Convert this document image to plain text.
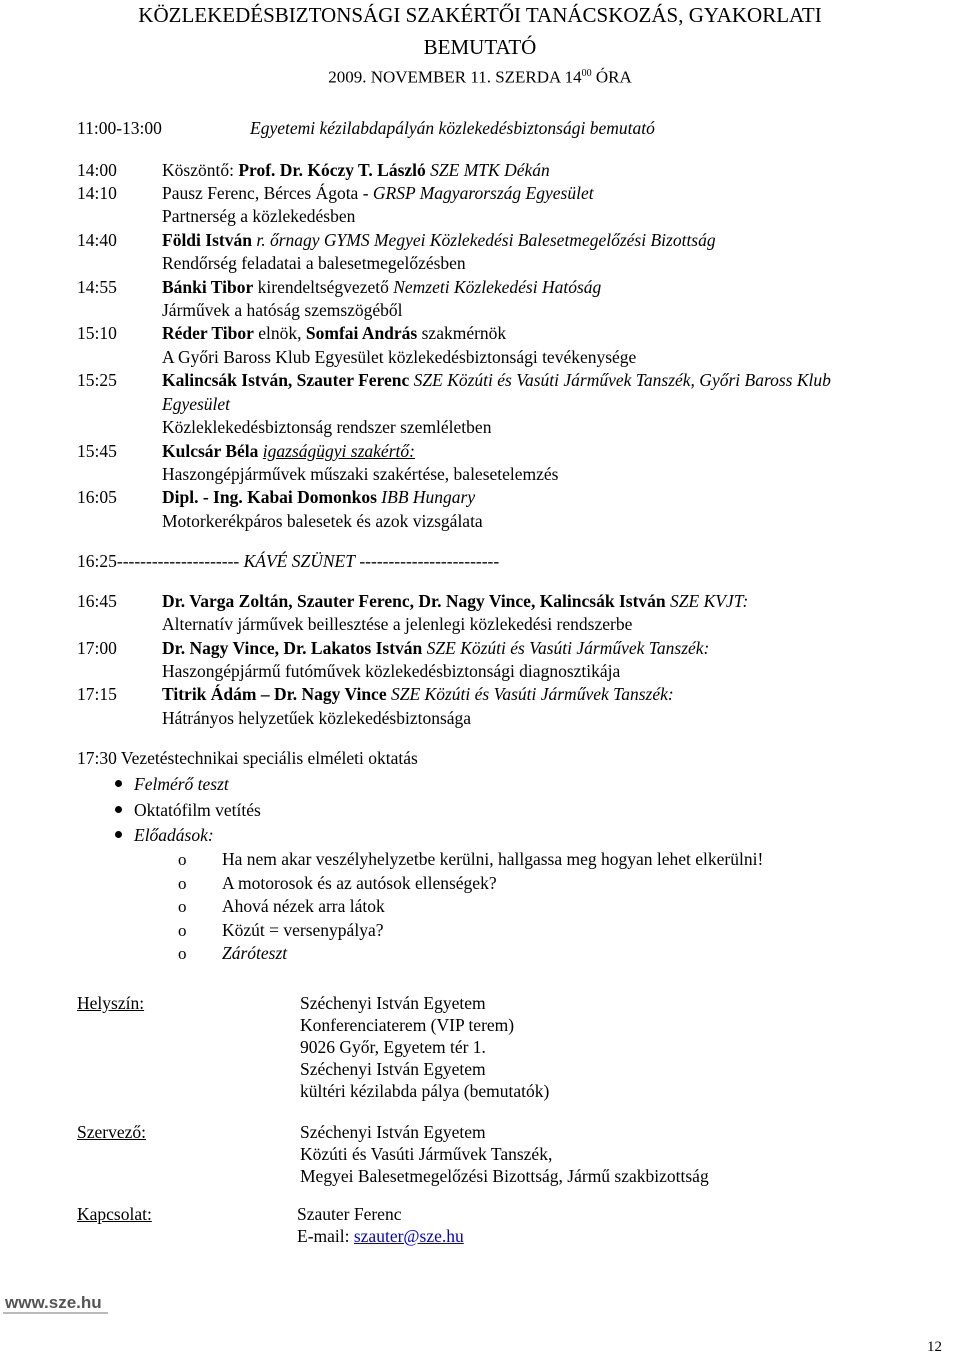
KÖZLEKEDÉSBIZTONSÁGI SZAKÉRTŐI TANÁCSKOZÁS, GYAKORLATI
BEMUTATÓ
2009. NOVEMBER 11. SZERDA $14^{00}$ ÓRA
11:00-13:00	Egyetemi kézilabdapályán közlekedésbiztonsági bemutató
14:00	Köszöntő: Prof. Dr. Kóczy T. László SZE MTK Dékán
14:10	Pausz Ferenc, Bérces Ágota - GRSP Magyarország Egyesület
Partnerség a közlekedésben
14:40	Földi István r. őrnagy GYMS Megyei Közlekedési Balesetmegelőzési Bizottság
Rendőrség feladatai a balesetmegelőzésben
14:55	Bánki Tibor kirendeltségvezető Nemzeti Közlekedési Hatóság
Járművek a hatóság szemszögéből
15:10	Réder Tibor elnök, Somfai András szakmérnök
A Győri Baross Klub Egyesület közlekedésbiztonsági tevékenysége
15:25	Kalincsák István, Szauter Ferenc SZE Közúti és Vasúti Járművek Tanszék, Győri Baross Klub
Egyesület
Közleklekedésbiztonság rendszer szemléletben
15:45	Kulcsár Béla igazságügyi szakértő:
Haszongépjárművek műszaki szakértése, balesetelemzés
16:05	Dipl. - Ing. Kabai Domonkos IBB Hungary
Motorkerékpáros balesetek és azok vizsgálata
16:25--------------------- KÁVÉ SZÜNET ------------------------
16:45	Dr. Varga Zoltán, Szauter Ferenc, Dr. Nagy Vince, Kalincsák István SZE KVJT:
Alternatív járművek beillesztése a jelenlegi közlekedési rendszerbe
17:00	Dr. Nagy Vince, Dr. Lakatos István SZE Közúti és Vasúti Járművek Tanszék:
Haszongépjármű futóművek közlekedésbiztonsági diagnosztikája
17:15	Titrik Ádám – Dr. Nagy Vince SZE Közúti és Vasúti Járművek Tanszék:
Hátrányos helyzetűek közlekedésbiztonsága
17:30 Vezetéstechnikai speciális elméleti oktatás
Felmérő teszt
Oktatófilm vetítés
Előadások:
o Ha nem akar veszélyhelyzetbe kerülni, hallgassa meg hogyan lehet elkerülni!
o A motorosok és az autósok ellenségek?
o Ahová nézek arra látok
o Közút = versenypálya?
o Záróteszt
Helyszín:	Széchenyi István Egyetem
Konferenciaterem (VIP terem)
9026 Győr, Egyetem tér 1.
Széchenyi István Egyetem
kültéri kézilabda pálya (bemutatók)
Szervező:	Széchenyi István Egyetem
Közúti és Vasúti Járművek Tanszék,
Megyei Balesetmegelőzési Bizottság, Jármű szakbizottság
Kapcsolat:	Szauter Ferenc
E-mail: szauter@sze.hu
www.sze.hu
12
